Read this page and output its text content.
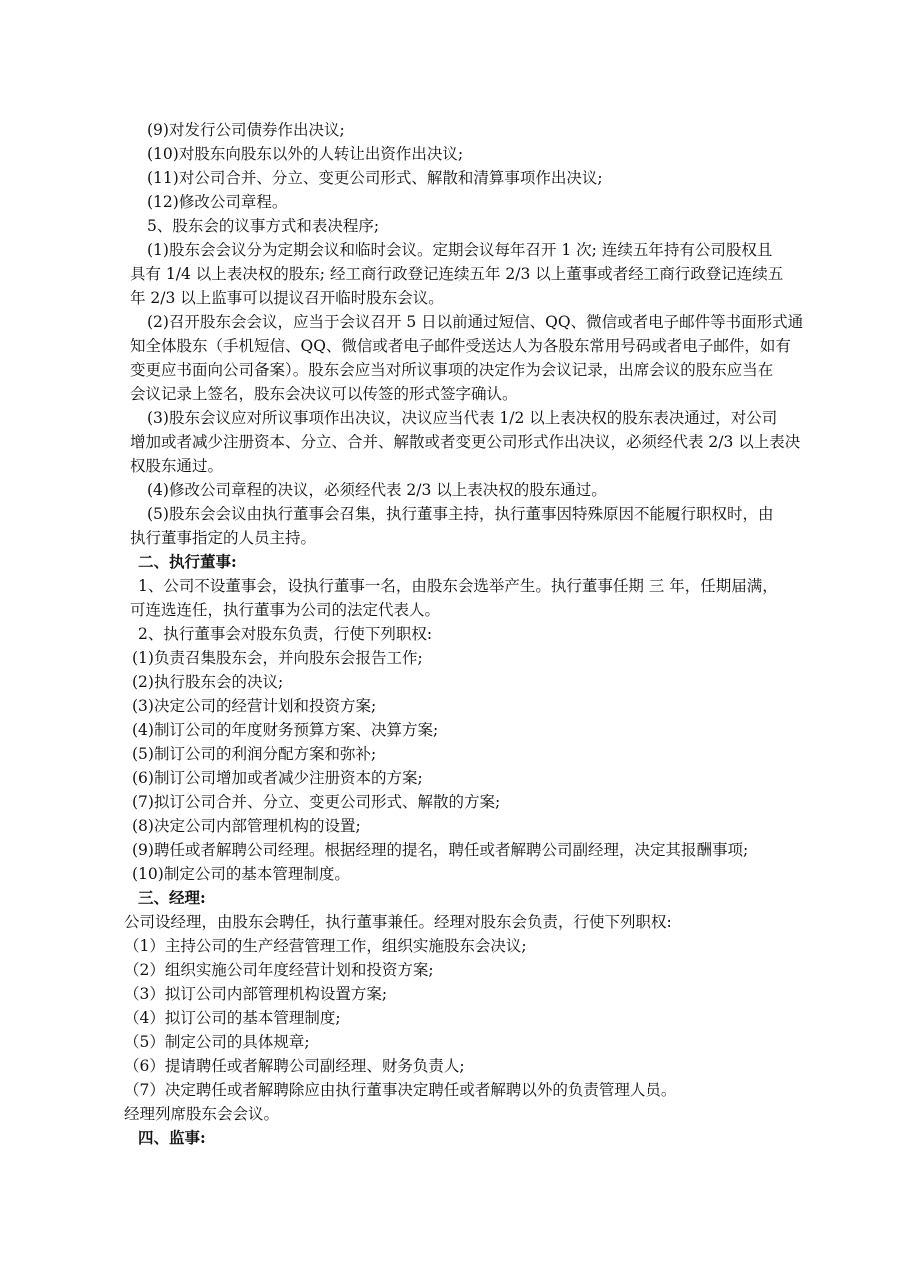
(9)对发行公司债券作出决议;
(10)对股东向股东以外的人转让出资作出决议;
(11)对公司合并、分立、变更公司形式、解散和清算事项作出决议;
(12)修改公司章程。
5、股东会的议事方式和表决程序;
(1)股东会会议分为定期会议和临时会议。定期会议每年召开 1 次; 连续五年持有公司股权且
具有 1/4 以上表决权的股东; 经工商行政登记连续五年 2/3 以上董事或者经工商行政登记连续五
年 2/3 以上监事可以提议召开临时股东会议。
(2)召开股东会会议，应当于会议召开 5 日以前通过短信、QQ、微信或者电子邮件等书面形式通
知全体股东（手机短信、QQ、微信或者电子邮件受送达人为各股东常用号码或者电子邮件，如有
变更应书面向公司备案）。股东会应当对所议事项的决定作为会议记录，出席会议的股东应当在
会议记录上签名，股东会决议可以传签的形式签字确认。
(3)股东会议应对所议事项作出决议，决议应当代表 1/2 以上表决权的股东表决通过，对公司
增加或者减少注册资本、分立、合并、解散或者变更公司形式作出决议，必须经代表 2/3 以上表决
权股东通过。
(4)修改公司章程的决议，必须经代表 2/3 以上表决权的股东通过。
(5)股东会会议由执行董事会召集，执行董事主持，执行董事因特殊原因不能履行职权时，由
执行董事指定的人员主持。
二、执行董事:
1、公司不设董事会，设执行董事一名，由股东会选举产生。执行董事任期 三 年，任期届满，
可连选连任，执行董事为公司的法定代表人。
2、执行董事会对股东负责，行使下列职权:
(1)负责召集股东会，并向股东会报告工作;
(2)执行股东会的决议;
(3)决定公司的经营计划和投资方案;
(4)制订公司的年度财务预算方案、决算方案;
(5)制订公司的利润分配方案和弥补;
(6)制订公司增加或者减少注册资本的方案;
(7)拟订公司合并、分立、变更公司形式、解散的方案;
(8)决定公司内部管理机构的设置;
(9)聘任或者解聘公司经理。根据经理的提名，聘任或者解聘公司副经理，决定其报酬事项;
(10)制定公司的基本管理制度。
三、经理:
公司设经理，由股东会聘任，执行董事兼任。经理对股东会负责，行使下列职权:
（1）主持公司的生产经营管理工作，组织实施股东会决议;
（2）组织实施公司年度经营计划和投资方案;
（3）拟订公司内部管理机构设置方案;
（4）拟订公司的基本管理制度;
（5）制定公司的具体规章;
（6）提请聘任或者解聘公司副经理、财务负责人;
（7）决定聘任或者解聘除应由执行董事决定聘任或者解聘以外的负责管理人员。
经理列席股东会会议。
四、监事:
